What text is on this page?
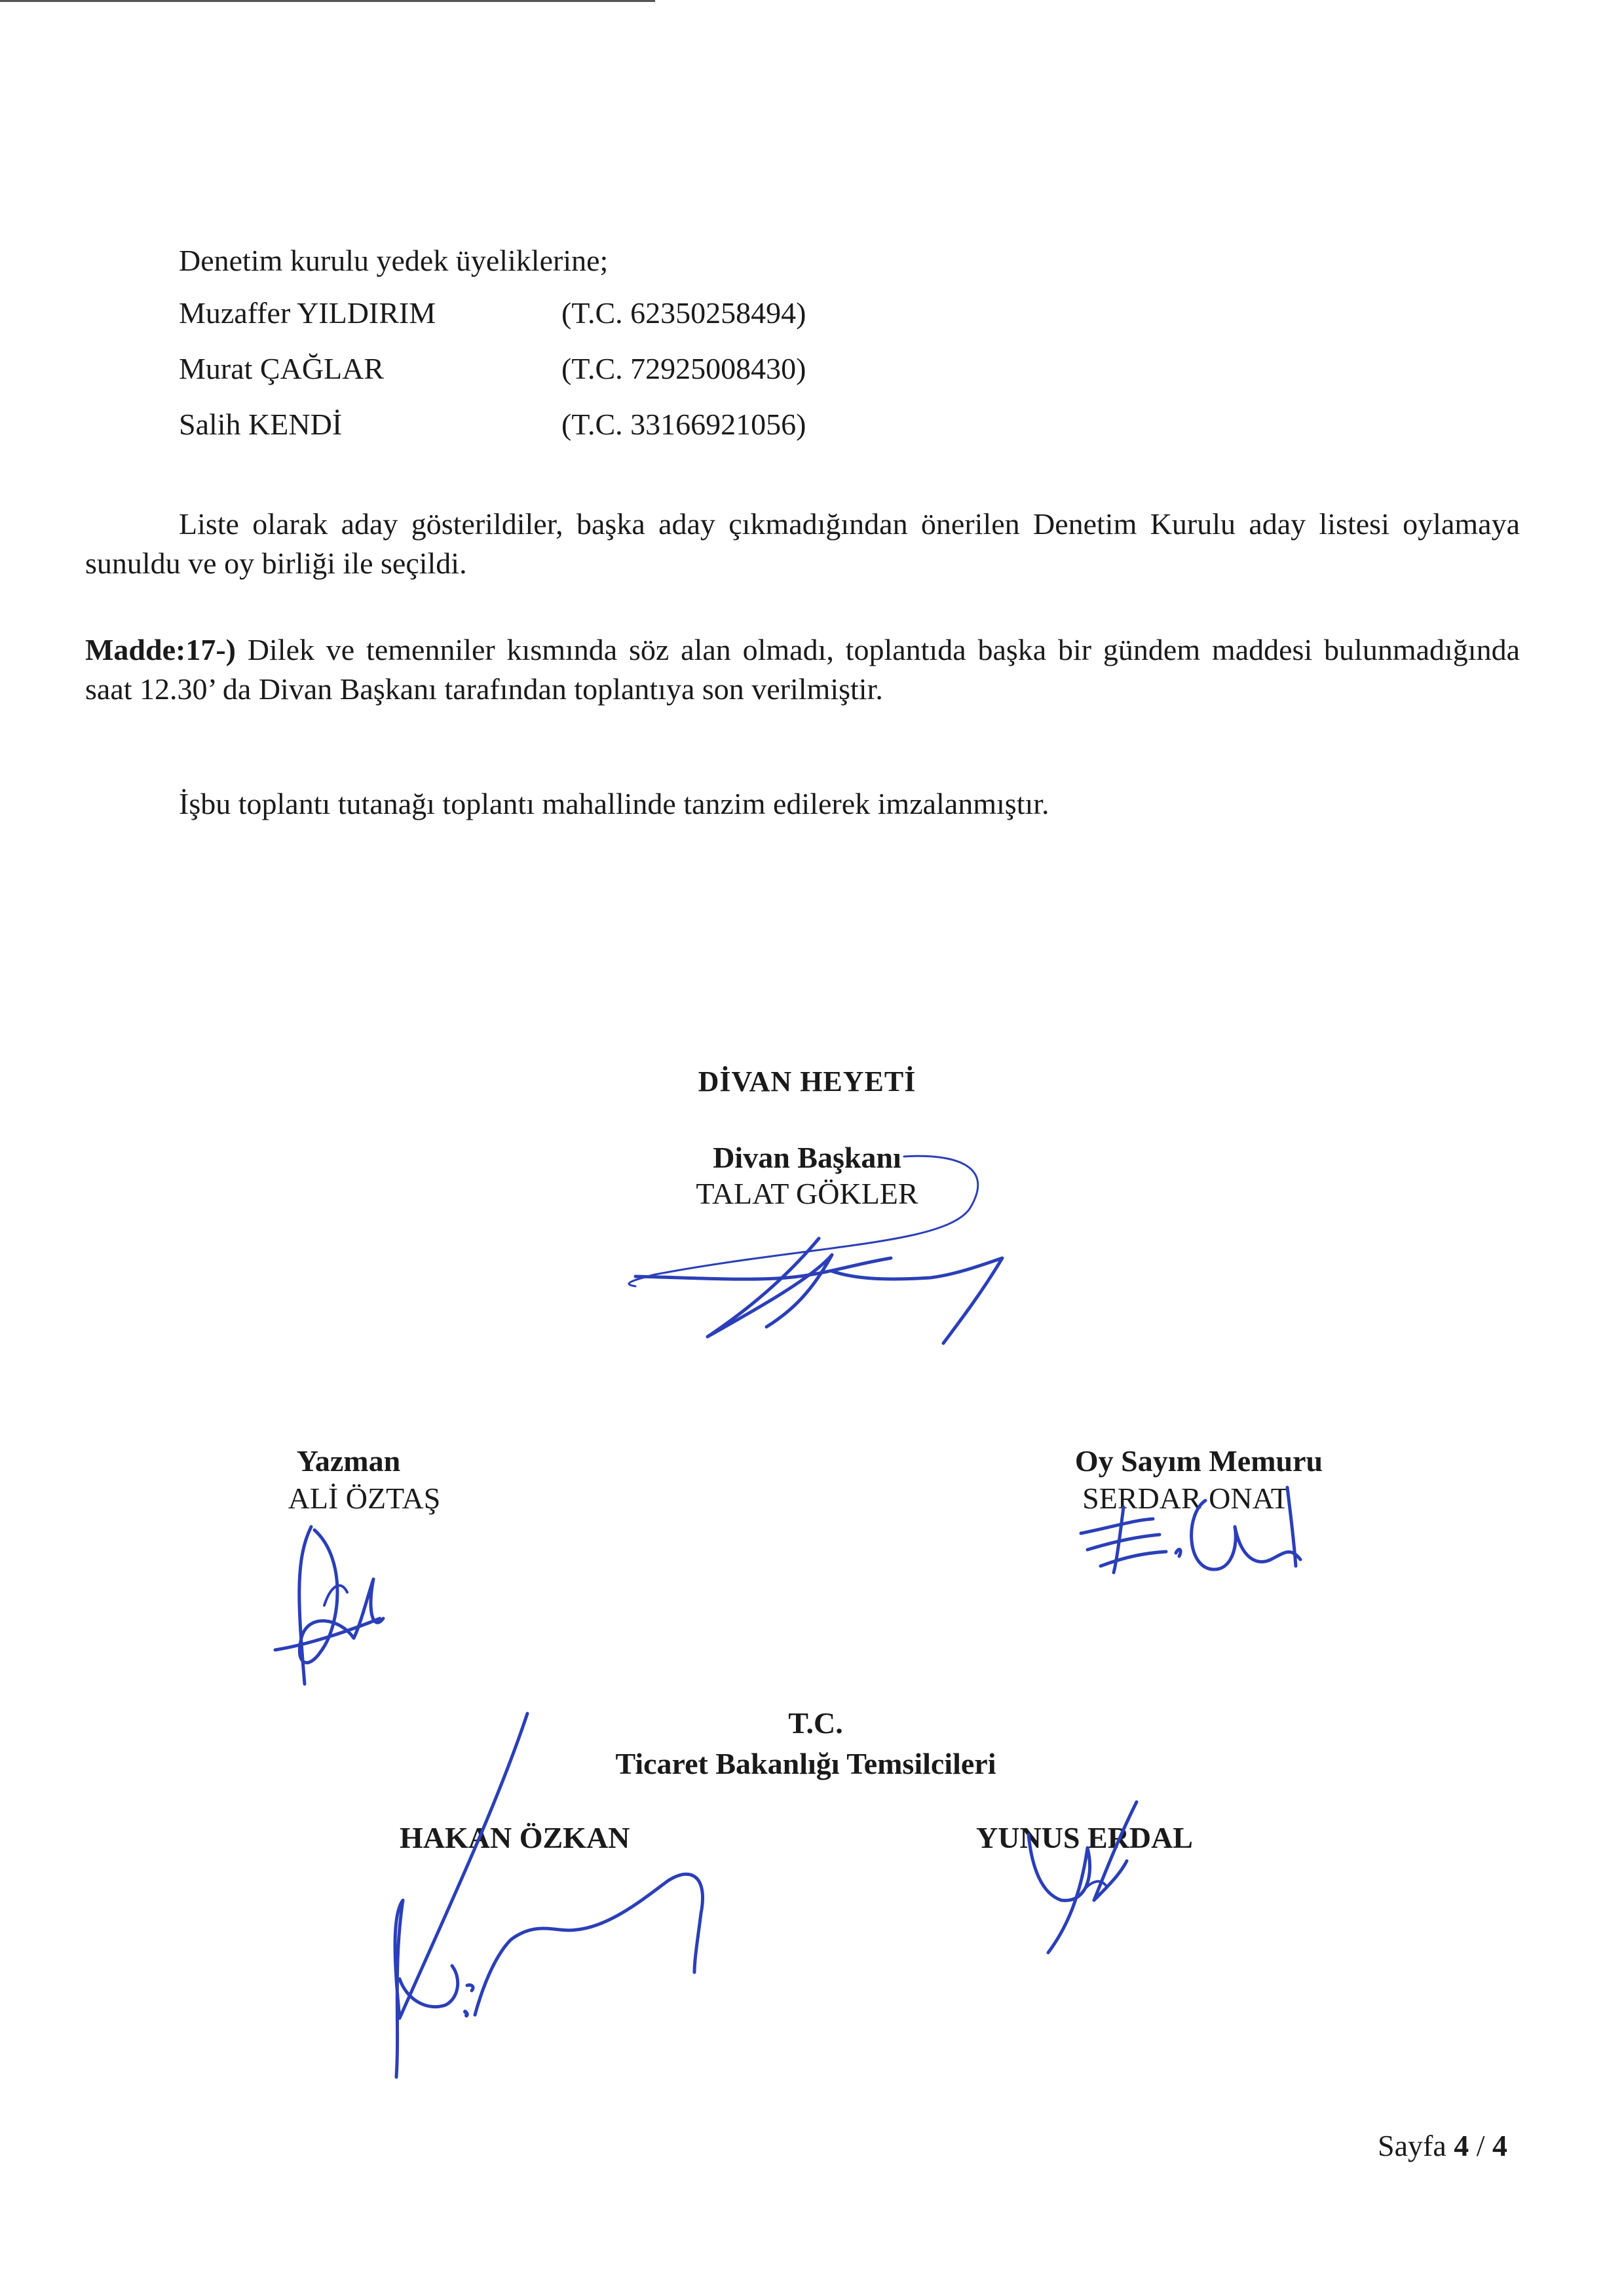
Denetim kurulu yedek üyeliklerine;
Muzaffer YILDIRIM	(T.C. 62350258494)
Murat ÇAĞLAR	(T.C. 72925008430)
Salih KENDİ	(T.C. 33166921056)
Liste olarak aday gösterildiler, başka aday çıkmadığından önerilen Denetim Kurulu aday listesi oylamaya sunuldu ve oy birliği ile seçildi.
Madde:17-) Dilek ve temenniler kısmında söz alan olmadı, toplantıda başka bir gündem maddesi bulunmadığında saat 12.30’ da Divan Başkanı tarafından toplantıya son verilmiştir.
İşbu toplantı tutanağı toplantı mahallinde tanzim edilerek imzalanmıştır.
DİVAN HEYETİ
Divan Başkanı
TALAT GÖKLER
Yazman
ALİ ÖZTAŞ
Oy Sayım Memuru
SERDAR ONAT
T.C.
Ticaret Bakanlığı Temsilcileri
HAKAN ÖZKAN	YUNUS ERDAL
Sayfa 4 / 4
